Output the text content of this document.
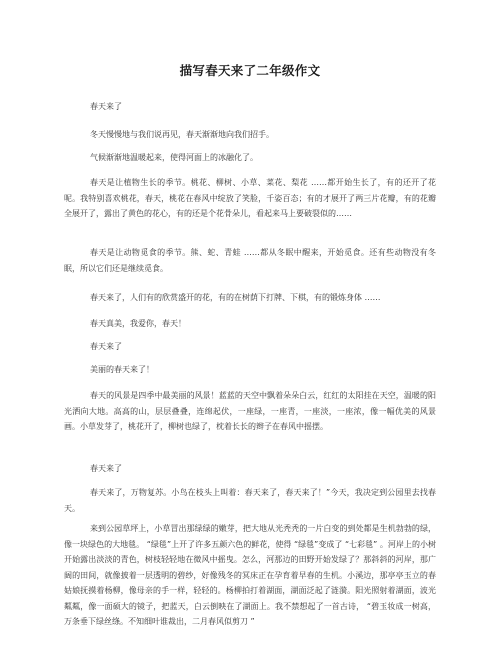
描写春天来了二年级作文

春天来了

冬天慢慢地与我们说再见，春天渐渐地向我们招手。

气候渐渐地温暖起来，使得河面上的冰融化了。

春天是让植物生长的季节。桃花、柳树、小草、菜花、梨花 ……都开始生长了，有的还开了花呢。我特别喜欢桃花，春天，桃花在春风中绽放了笑脸，千姿百态；有的才展开了两三片花瓣，有的花瓣全展开了，露出了黄色的花心，有的还是个花骨朵儿，看起来马上要破裂似的……

春天是让动物觅食的季节。熊、蛇、青蛙 ……都从冬眠中醒来，开始觅食。还有些动物没有冬眠，所以它们还是继续觅食。

春天来了，人们有的欣赏盛开的花，有的在树荫下打牌、下棋，有的锻炼身体 ……

春天真美，我爱你，春天！

春天来了

美丽的春天来了！

春天的风景是四季中最美丽的风景！蓝蓝的天空中飘着朵朵白云，红红的太阳挂在天空，温暖的阳光洒向大地。高高的山，层层叠叠，连绵起伏，一座绿，一座青，一座淡，一座浓，像一幅优美的风景画。小草发芽了，桃花开了，柳树也绿了，枕着长长的辫子在春风中摇摆。

春天来了

春天来了，万物复苏。小鸟在枝头上叫着：春天来了，春天来了！”今天，我决定到公园里去找春天。

来到公园草坪上，小草冒出那绿绿的嫩芽，把大地从光秃秃的一片白变的到处都是生机勃勃的绿，像一块绿色的大地毯。 “绿毯”上开了许多五颜六色的鲜花，使得 “绿毯”变成了 “七彩毯” 。河岸上的小树开始露出淡淡的青色，树枝轻轻地在微风中摇曳。怎么，河那边的田野开始发绿了？那斜斜的河岸，那广阔的田间，就像披着一层透明的碧纱，好像残冬的冥床正在孕育着早春的生机。小溪边，那亭亭玉立的春姑娘抚摸着杨柳，像母亲的手一样，轻轻的。杨柳拍打着湖面，湖面泛起了涟漪。阳光照射着湖面，波光粼粼，像一面硕大的镜子，把蓝天，白云倒映在了湖面上。我不禁想起了一首古诗， “碧玉妆成一树高，万条垂下绿丝绦。不知细叶谁裁出，二月春风似剪刀 ”
